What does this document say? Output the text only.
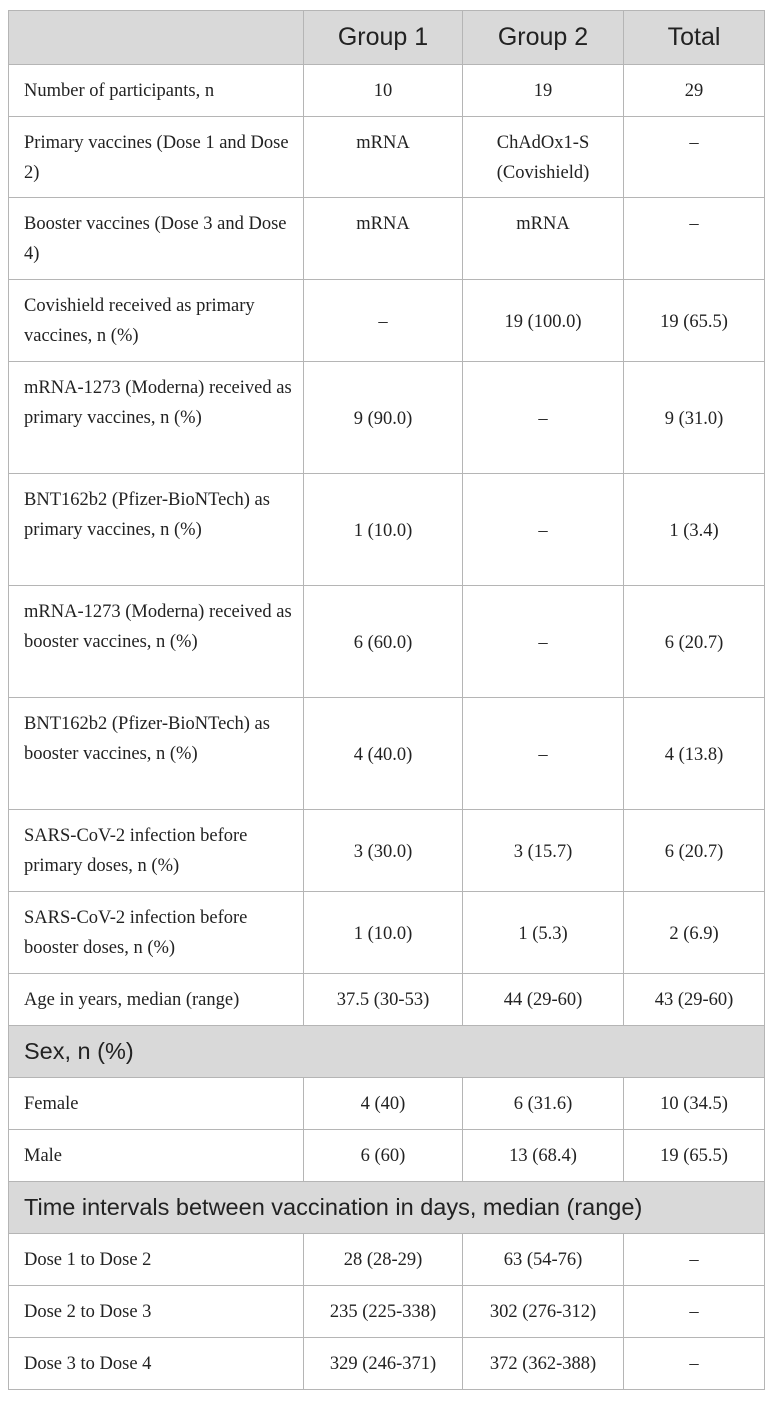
	Group 1	Group 2	Total
Number of participants, n	10	19	29
Primary vaccines (Dose 1 and Dose 2)	mRNA	ChAdOx1-S (Covishield)	–
Booster vaccines (Dose 3 and Dose 4)	mRNA	mRNA	–
Covishield received as primary vaccines, n (%)	–	19 (100.0)	19 (65.5)
mRNA-1273 (Moderna) received as primary vaccines, n (%)	9 (90.0)	–	9 (31.0)
BNT162b2 (Pfizer-BioNTech) as primary vaccines, n (%)	1 (10.0)	–	1 (3.4)
mRNA-1273 (Moderna) received as booster vaccines, n (%)	6 (60.0)	–	6 (20.7)
BNT162b2 (Pfizer-BioNTech) as booster vaccines, n (%)	4 (40.0)	–	4 (13.8)
SARS-CoV-2 infection before primary doses, n (%)	3 (30.0)	3 (15.7)	6 (20.7)
SARS-CoV-2 infection before booster doses, n (%)	1 (10.0)	1 (5.3)	2 (6.9)
Age in years, median (range)	37.5 (30-53)	44 (29-60)	43 (29-60)
Sex, n (%)			
Female	4 (40)	6 (31.6)	10 (34.5)
Male	6 (60)	13 (68.4)	19 (65.5)
Time intervals between vaccination in days, median (range)			
Dose 1 to Dose 2	28 (28-29)	63 (54-76)	–
Dose 2 to Dose 3	235 (225-338)	302 (276-312)	–
Dose 3 to Dose 4	329 (246-371)	372 (362-388)	–
